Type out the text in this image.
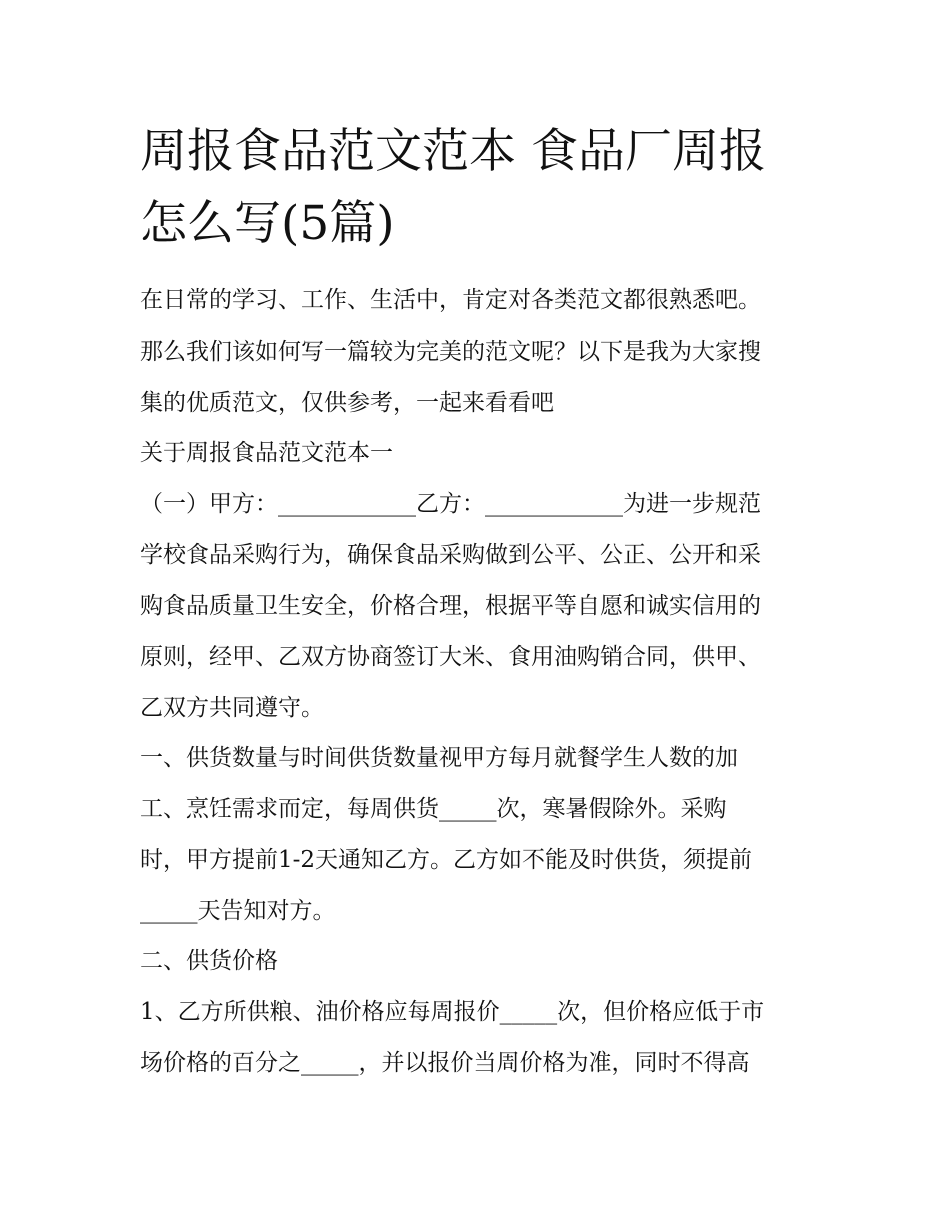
周报食品范文范本 食品厂周报
怎么写(5篇)

在日常的学习、工作、生活中，肯定对各类范文都很熟悉吧。

那么我们该如何写一篇较为完美的范文呢？以下是我为大家搜

集的优质范文，仅供参考，一起来看看吧

关于周报食品范文范本一

（一）甲方：____________乙方：____________为进一步规范

学校食品采购行为，确保食品采购做到公平、公正、公开和采

购食品质量卫生安全，价格合理，根据平等自愿和诚实信用的

原则，经甲、乙双方协商签订大米、食用油购销合同，供甲、

乙双方共同遵守。

一、供货数量与时间供货数量视甲方每月就餐学生人数的加

工、烹饪需求而定，每周供货_____次，寒暑假除外。采购

时，甲方提前1-2天通知乙方。乙方如不能及时供货，须提前

_____天告知对方。

二、供货价格

1、乙方所供粮、油价格应每周报价_____次，但价格应低于市

场价格的百分之_____，并以报价当周价格为准，同时不得高
